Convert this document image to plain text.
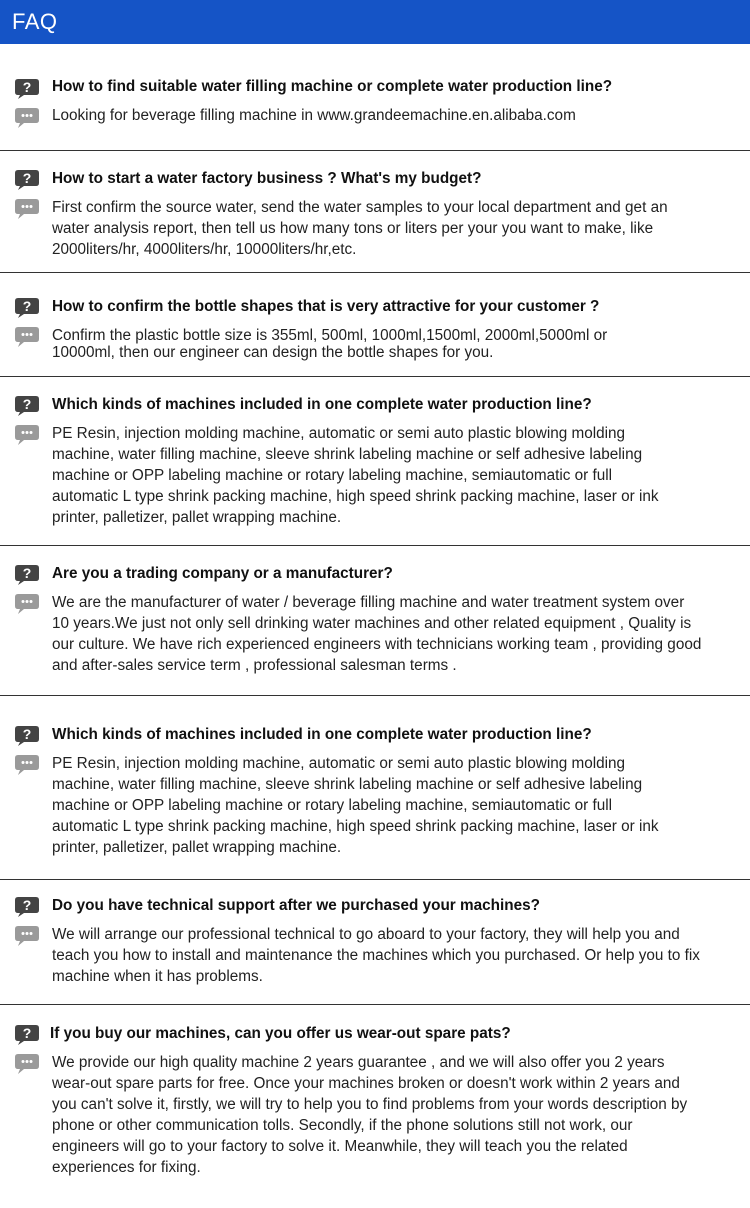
FAQ
How to find suitable water filling machine or complete water production line?
Looking for beverage filling machine in www.grandeemachine.en.alibaba.com
How to start a water factory business ? What's my budget?
First confirm the source water, send the water samples to your local department and get an water analysis report, then tell us how many tons or liters per your you want to make, like 2000liters/hr, 4000liters/hr, 10000liters/hr,etc.
How to confirm the bottle shapes that is very attractive for your customer ?
Confirm the plastic bottle size is 355ml, 500ml, 1000ml,1500ml, 2000ml,5000ml or 10000ml, then our engineer can design the bottle shapes for you.
Which kinds of machines included in one complete water production line?
PE Resin, injection molding machine, automatic or semi auto plastic blowing molding machine, water filling machine, sleeve shrink labeling machine or self adhesive labeling machine or OPP labeling machine or rotary labeling machine, semiautomatic or full automatic L type shrink packing machine, high speed shrink packing machine, laser or ink printer, palletizer, pallet wrapping machine.
Are you a trading company or a manufacturer?
We are the manufacturer of water / beverage filling machine and water treatment system over 10 years.We just not only sell drinking water machines and other related equipment , Quality is our culture. We have rich experienced engineers with technicians working team , providing good and after-sales service term , professional salesman terms .
Which kinds of machines included in one complete water production line?
PE Resin, injection molding machine, automatic or semi auto plastic blowing molding machine, water filling machine, sleeve shrink labeling machine or self adhesive labeling machine or OPP labeling machine or rotary labeling machine, semiautomatic or full automatic L type shrink packing machine, high speed shrink packing machine, laser or ink printer, palletizer, pallet wrapping machine.
Do you have technical support after we purchased your machines?
We will arrange our professional technical to go aboard to your factory, they will help you and teach you how to install and maintenance the machines which you purchased. Or help you to fix machine when it has problems.
If you buy our machines, can you offer us wear-out spare pats?
We provide our high quality machine 2 years guarantee , and we will also offer you 2 years wear-out spare parts for free. Once your machines broken or doesn't work within 2 years and you can't solve it, firstly, we will try to help you to find problems from your words description by phone or other communication tolls. Secondly, if the phone solutions still not work, our engineers will go to your factory to solve it. Meanwhile, they will teach you the related experiences for fixing.
